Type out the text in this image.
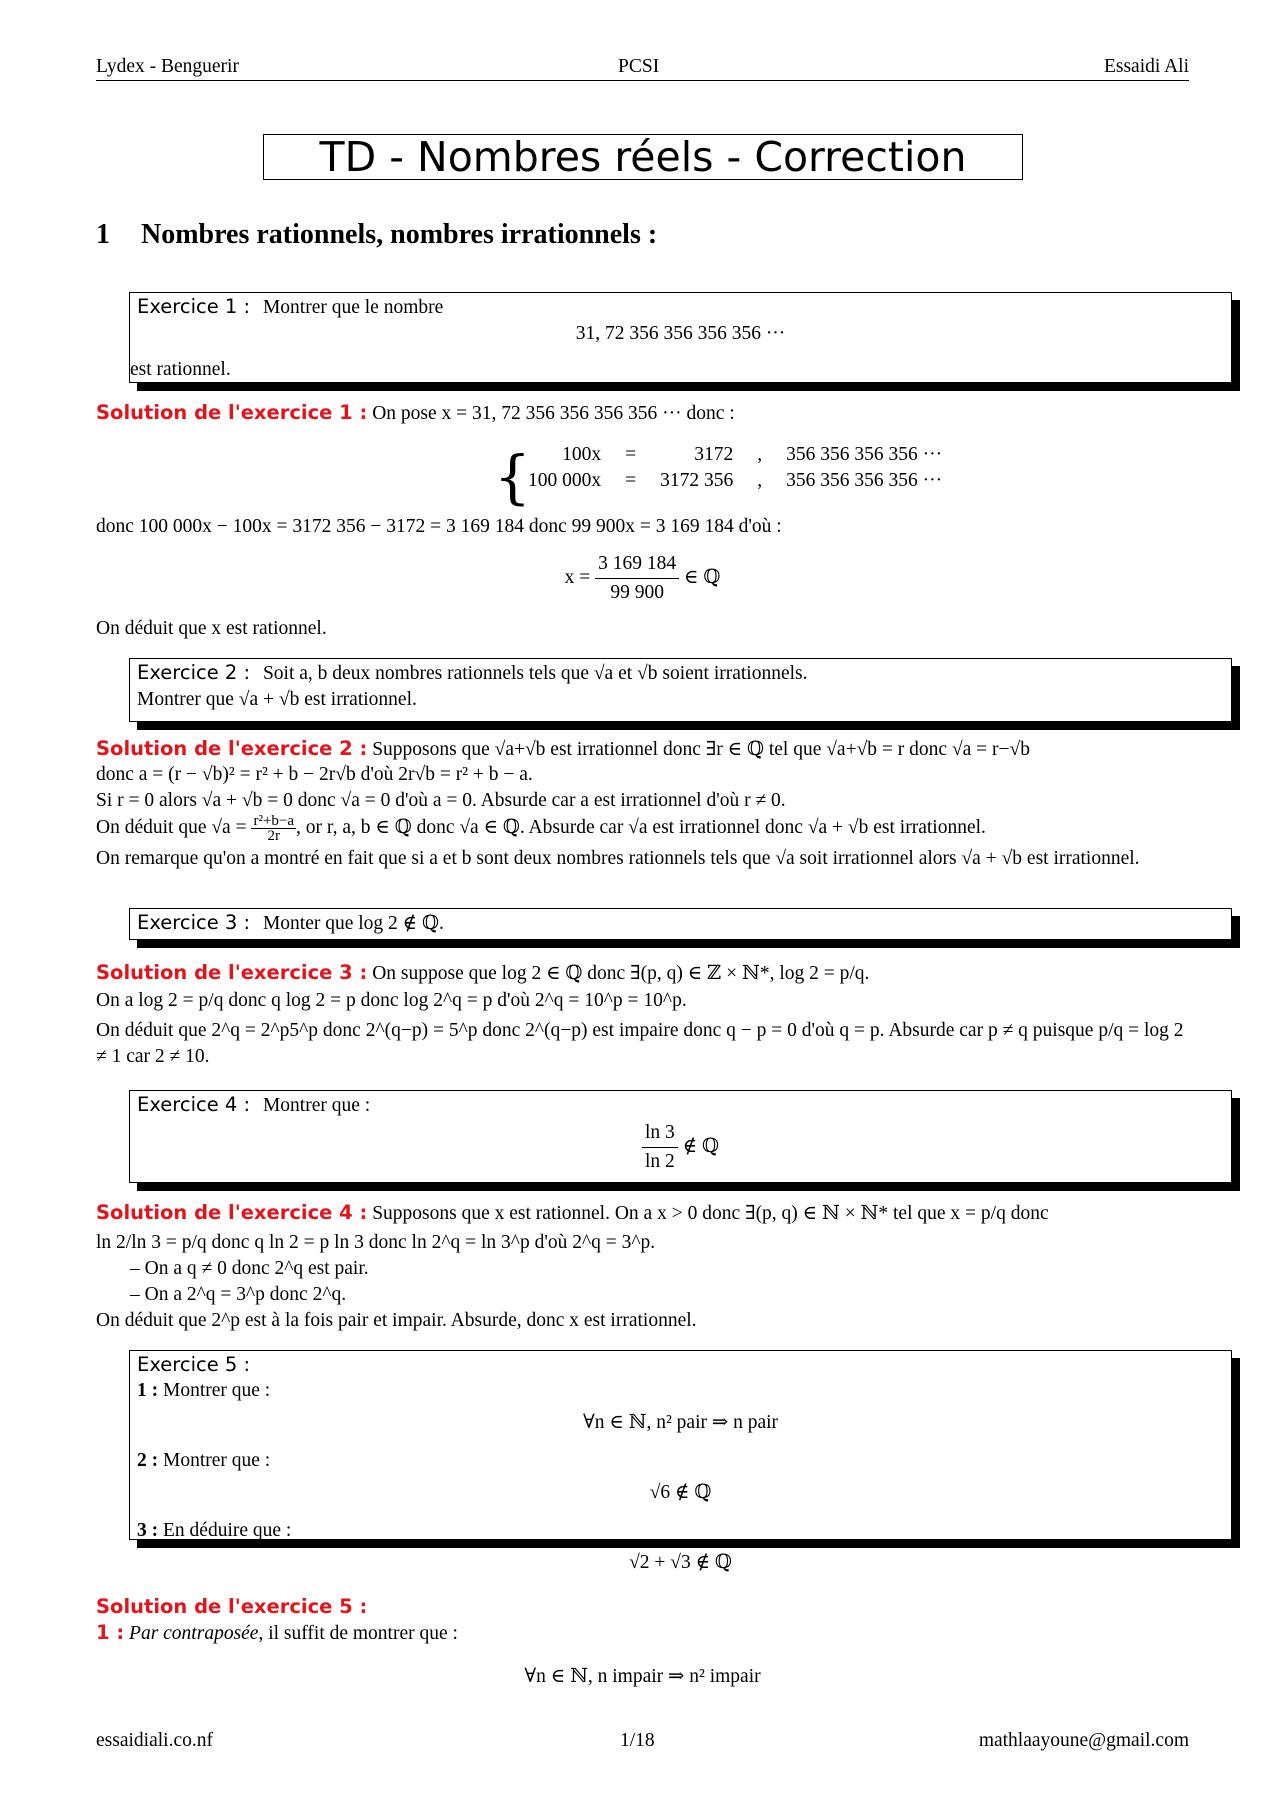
Lydex - Benguerir	PCSI	Essaidi Ali
TD - Nombres réels - Correction
1 Nombres rationnels, nombres irrationnels :
Exercice 1 : Montrer que le nombre
31, 72 356 356 356 356 ···
est rationnel.
Solution de l'exercice 1 : On pose x = 31, 72 356 356 356 356 ··· donc :
{ 100x	=	3172	,	356 356 356 356 ···
100 000x	=	3172 356	,	356 356 356 356 ···
donc 100 000x − 100x = 3172 356 − 3172 = 3 169 184 donc 99 900x = 3 169 184 d'où :
$x = \frac{3 169 184}{99 900}$ ∈ ℚ
On déduit que x est rationnel.
Exercice 2 : Soit a, b deux nombres rationnels tels que √a et √b soient irrationnels.
Montrer que √a + √b est irrationnel.
Solution de l'exercice 2 : Supposons que √a+√b est irrationnel donc ∃r ∈ ℚ tel que √a+√b = r donc √a = r−√b
donc a = (r − √b)² = r² + b − 2r√b d'où 2r√b = r² + b − a.
Si r = 0 alors √a + √b = 0 donc √a = 0 d'où a = 0. Absurde car a est irrationnel d'où r ≠ 0.
On déduit que $√a = \frac{\text{r²+b−a}}{2r}$ , or r, a, b ∈ ℚ donc √a ∈ ℚ. Absurde car √a est irrationnel donc √a + √b est irrationnel.
On remarque qu'on a montré en fait que si a et b sont deux nombres rationnels tels que √a soit irrationnel alors √a + √b est irrationnel.
Exercice 3 : Monter que log 2 ∉ ℚ.
Solution de l'exercice 3 : On suppose que log 2 ∈ ℚ donc ∃(p, q) ∈ ℤ × ℕ*, log 2 = p/q.
On a log 2 = p/q donc q log 2 = p donc log 2^q = p d'où 2^q = 10^p = 10^p.
On déduit que 2^q = 2^p5^p donc 2^(q−p) = 5^p donc 2^(q−p) est impaire donc q − p = 0 d'où q = p. Absurde car p ≠ q puisque p/q = log 2 ≠ 1 car 2 ≠ 10.
Exercice 4 : Montrer que :
$\frac{\ln 3}{\ln 2}$ ∉ ℚ
Solution de l'exercice 4 : Supposons que x est rationnel. On a x > 0 donc ∃(p, q) ∈ ℕ × ℕ* tel que x = p/q donc
ln 2/ln 3 = p/q donc q ln 2 = p ln 3 donc ln 2^q = ln 3^p d'où 2^q = 3^p.
– On a q ≠ 0 donc 2^q est pair.
– On a 2^q = 3^p donc 2^q.
On déduit que 2^p est à la fois pair et impair. Absurde, donc x est irrationnel.
Exercice 5 :
1 : Montrer que :
∀n ∈ ℕ, n² pair ⇒ n pair
2 : Montrer que :
√6 ∉ ℚ
3 : En déduire que :
√2 + √3 ∉ ℚ
Solution de l'exercice 5 :
1 : Par contraposée, il suffit de montrer que :
∀n ∈ ℕ, n impair ⇒ n² impair
essaidiali.co.nf	1/18	mathlaayoune@gmail.com
